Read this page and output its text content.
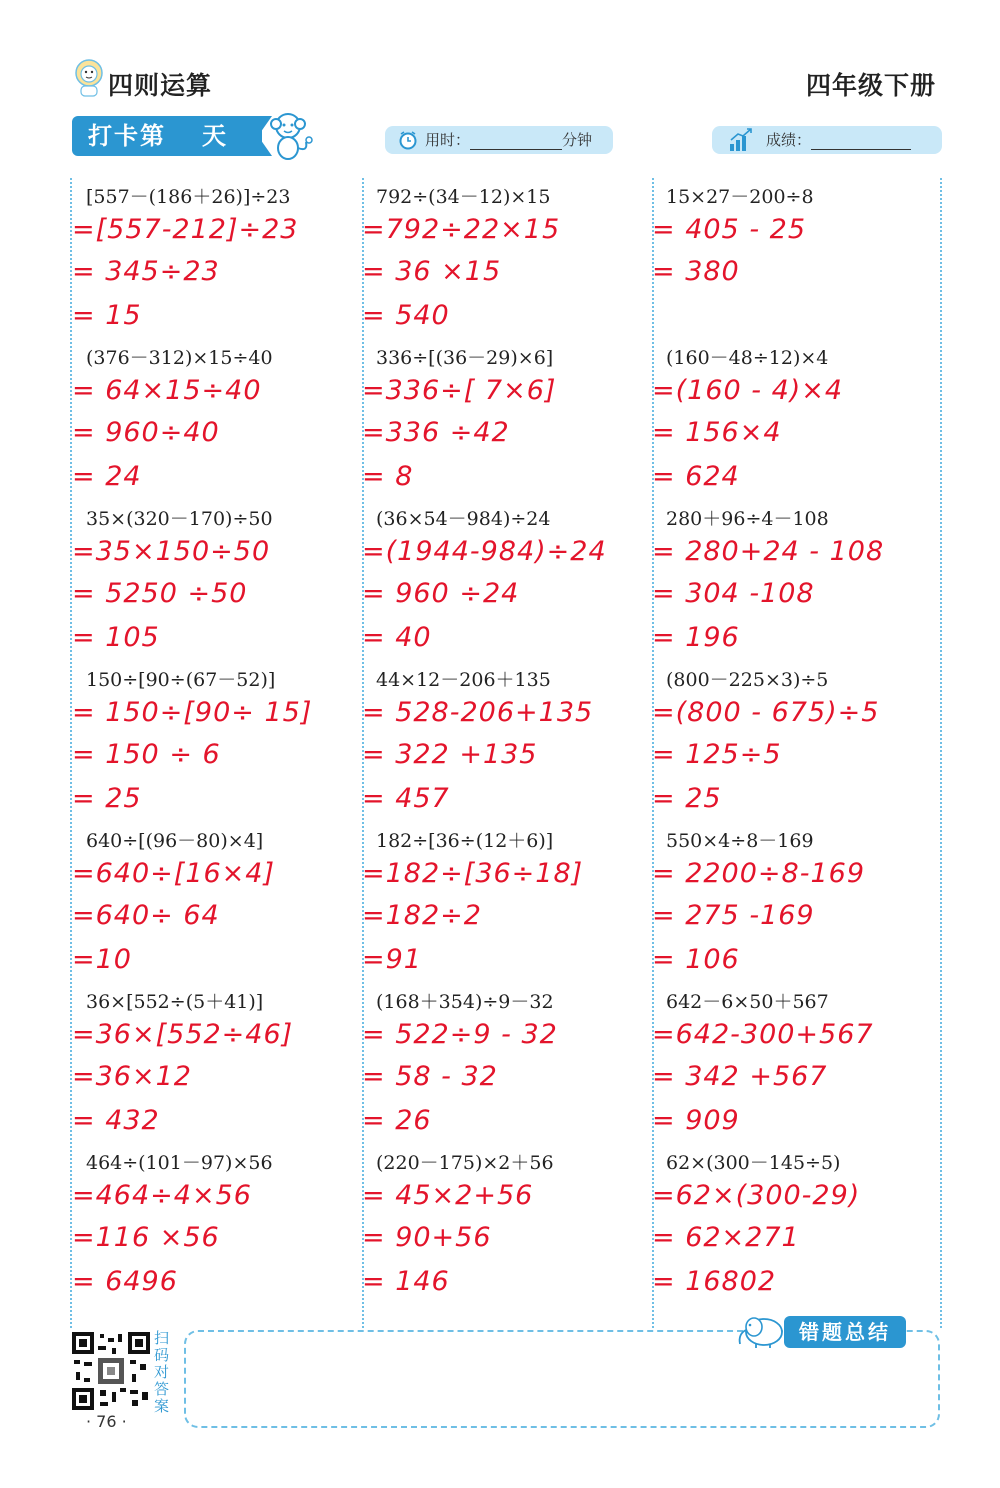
四则运算	四年级下册
打卡第 天	用时：	分钟	成绩：
[557－(186＋26)]÷23
=[557-212]÷23
= 345÷23
= 15
792÷(34－12)×15
=792÷22×15
= 36 ×15
= 540
15×27－200÷8
= 405 - 25
= 380
(376－312)×15÷40
= 64×15÷40
= 960÷40
= 24
336÷[(36－29)×6]
=336÷[ 7×6]
=336 ÷42
= 8
(160－48÷12)×4
=(160 - 4)×4
= 156×4
= 624
35×(320－170)÷50
=35×150÷50
= 5250 ÷50
= 105
(36×54－984)÷24
=(1944-984)÷24
= 960 ÷24
= 40
280＋96÷4－108
= 280+24 - 108
= 304 -108
= 196
150÷[90÷(67－52)]
= 150÷[90÷ 15]
= 150 ÷ 6
= 25
44×12－206＋135
= 528-206+135
= 322 +135
= 457
(800－225×3)÷5
=(800 - 675)÷5
= 125÷5
= 25
640÷[(96－80)×4]
=640÷[16×4]
=640÷ 64
=10
182÷[36÷(12＋6)]
=182÷[36÷18]
=182÷2
=91
550×4÷8－169
= 2200÷8-169
= 275 -169
= 106
36×[552÷(5＋41)]
=36×[552÷46]
=36×12
= 432
(168＋354)÷9－32
= 522÷9 - 32
= 58 - 32
= 26
642－6×50＋567
=642-300+567
= 342 +567
= 909
464÷(101－97)×56
=464÷4×56
=116 ×56
= 6496
(220－175)×2＋56
= 45×2+56
= 90+56
= 146
62×(300－145÷5)
=62×(300-29)
= 62×271
= 16802
扫码对答案
· 76 ·
错题总结
